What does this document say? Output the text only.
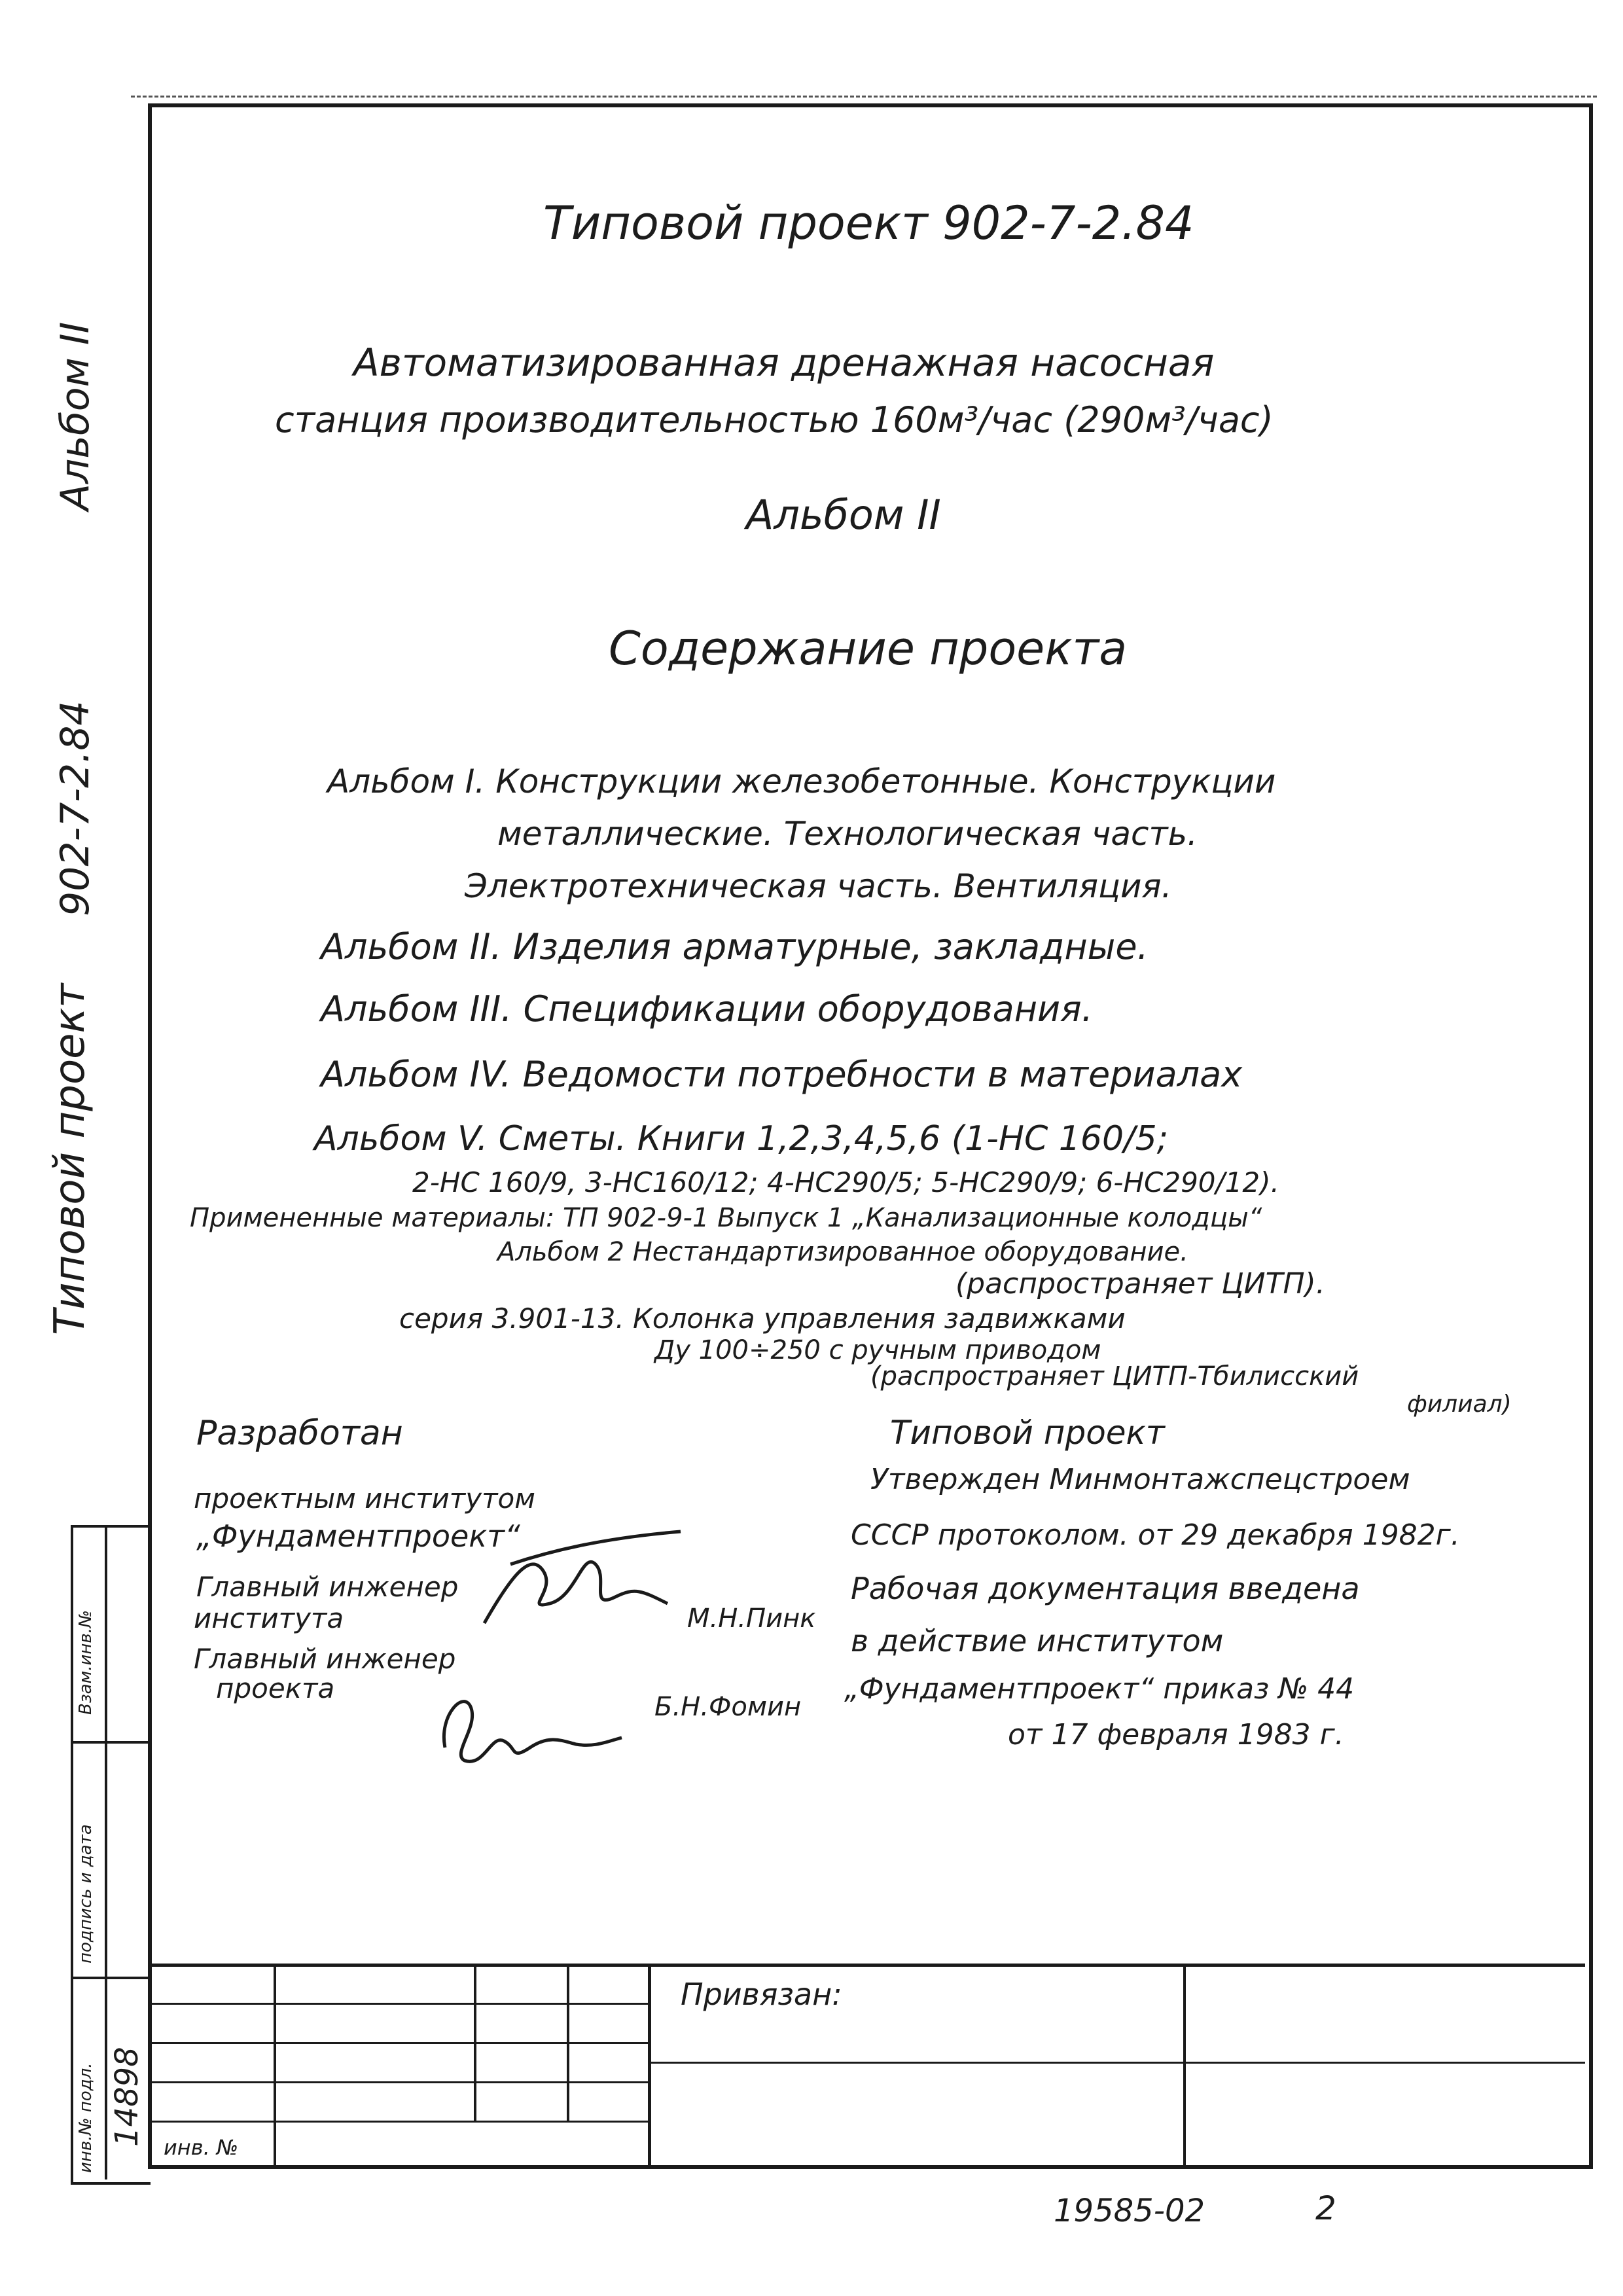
Типовой проект
902-7-2.84
Альбом II
Взам.инв.№
подпись и дата
инв.№ подл. 14898
Типовой проект 902-7-2.84
Автоматизированная дренажная насосная
станция производительностью 160м³/час (290м³/час)
Альбом II
Содержание проекта
Альбом I. Конструкции железобетонные. Конструкции
металлические. Технологическая часть.
Электротехническая часть. Вентиляция.
Альбом II. Изделия арматурные, закладные.
Альбом III. Спецификации оборудования.
Альбом IV. Ведомости потребности в материалах
Альбом V. Сметы. Книги 1,2,3,4,5,6 (1-НС 160/5;
2-НС 160/9, 3-НС160/12; 4-НС290/5; 5-НС290/9; 6-НС290/12).
Примененные материалы: ТП 902-9-1 Выпуск 1 „Канализационные колодцы“
Альбом 2 Нестандартизированное оборудование.
(распространяет ЦИТП).
серия 3.901-13. Колонка управления задвижками
Ду 100÷250 с ручным приводом
(распространяет ЦИТП-Тбилисский
филиал)
Разработан
проектным институтом
„Фундаментпроект“
Главный инженер
института	М.Н.Пинк
Главный инженер
проекта
Б.Н.Фомин
Типовой проект
Утвержден Минмонтажспецстроем
СССР протоколом. от 29 декабря 1982г.
Рабочая документация введена
в действие институтом
„Фундаментпроект“ приказ № 44
от 17 февраля 1983 г.
Привязан:
инв. №
19585-02	2
